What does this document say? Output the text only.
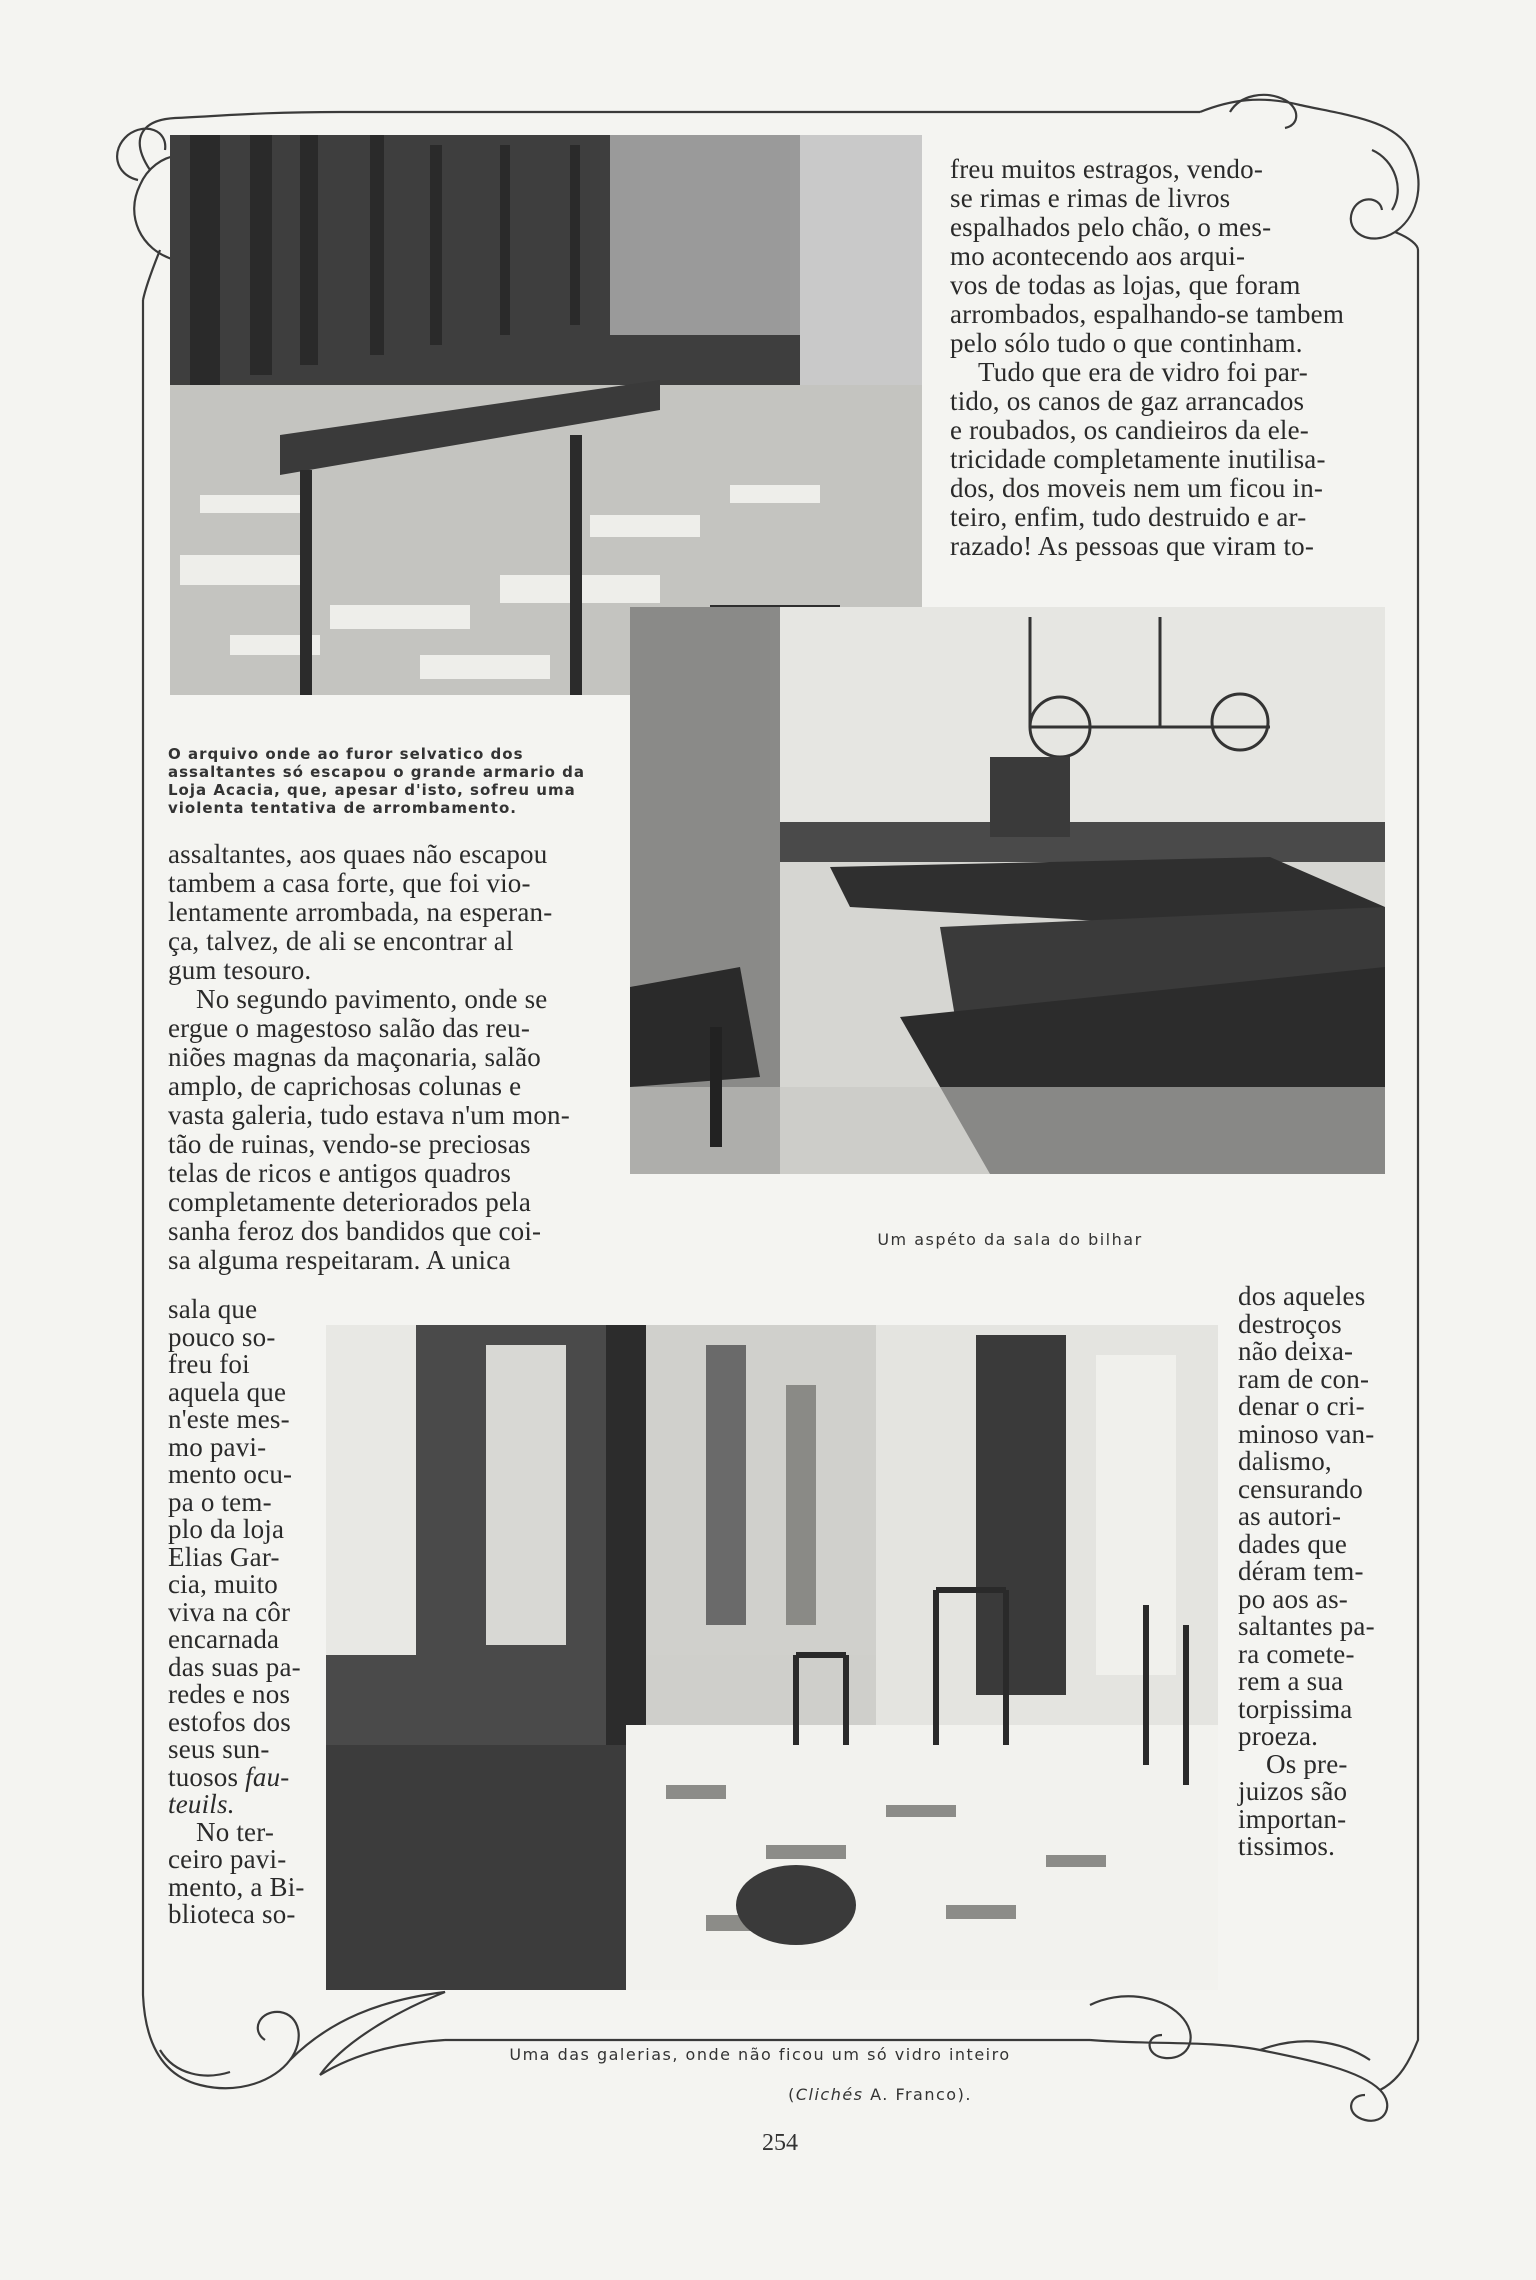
freu muitos estragos, vendo-

se rimas e rimas de livros

espalhados pelo chão, o mes-

mo acontecendo aos arqui-

vos de todas as lojas, que foram

arrombados, espalhando-se tambem

pelo sólo tudo o que continham.

Tudo que era de vidro foi par-

tido, os canos de gaz arrancados

e roubados, os candieiros da ele-

tricidade completamente inutilisa-

dos, dos moveis nem um ficou in-

teiro, enfim, tudo destruido e ar-

razado! As pessoas que viram to-

O arquivo onde ao furor selvatico dos assaltantes só escapou o grande armario da Loja Acacia, que, apesar d'isto, sofreu uma violenta tentativa de arrombamento.

assaltantes, aos quaes não escapou

tambem a casa forte, que foi vio-

lentamente arrombada, na esperan-

ça, talvez, de ali se encontrar al

gum tesouro.

No segundo pavimento, onde se

ergue o magestoso salão das reu-

niões magnas da maçonaria, salão

amplo, de caprichosas colunas e

vasta galeria, tudo estava n'um mon-

tão de ruinas, vendo-se preciosas

telas de ricos e antigos quadros

completamente deteriorados pela

sanha feroz dos bandidos que coi-

sa alguma respeitaram. A unica

Um aspéto da sala do bilhar

sala que

pouco so-

freu foi

aquela que

n'este mes-

mo pavi-

mento ocu-

pa o tem-

plo da loja

Elias Gar-

cia, muito

viva na côr

encarnada

das suas pa-

redes e nos

estofos dos

seus sun-

tuosos fau-

teuils.

No ter-

ceiro pavi-

mento, a Bi-

blioteca so-

dos aqueles

destroços

não deixa-

ram de con-

denar o cri-

minoso van-

dalismo,

censurando

as autori-

dades que

déram tem-

po aos as-

saltantes pa-

ra comete-

rem a sua

torpissima

proeza.

Os pre-

juizos são

importan-

tissimos.

Uma das galerias, onde não ficou um só vidro inteiro
(Clichés A. Franco).
254
